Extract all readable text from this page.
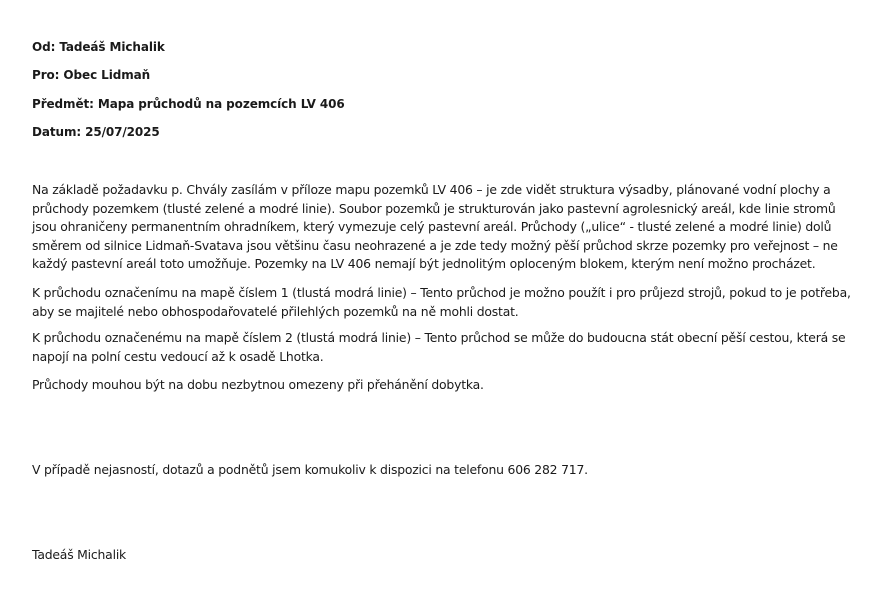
Od: Tadeáš Michalik
Pro: Obec Lidmaň
Předmět: Mapa průchodů na pozemcích LV 406
Datum: 25/07/2025

Na základě požadavku p. Chvály zasílám v příloze mapu pozemků LV 406 – je zde vidět struktura výsadby, plánované vodní plochy a průchody pozemkem (tlusté zelené a modré linie). Soubor pozemků je strukturován jako pastevní agrolesnický areál, kde linie stromů jsou ohraničeny permanentním ohradníkem, který vymezuje celý pastevní areál. Průchody („ulice“ - tlusté zelené a modré linie) dolů směrem od silnice Lidmaň-Svatava jsou většinu času neohrazené a je zde tedy možný pěší průchod skrze pozemky pro veřejnost – ne každý pastevní areál toto umožňuje. Pozemky na LV 406 nemají být jednolitým oploceným blokem, kterým není možno procházet.

K průchodu označenímu na mapě číslem 1 (tlustá modrá linie) – Tento průchod je možno použít i pro průjezd strojů, pokud to je potřeba, aby se majitelé nebo obhospodařovatelé přilehlých pozemků na ně mohli dostat.

K průchodu označenému na mapě číslem 2 (tlustá modrá linie) – Tento průchod se může do budoucna stát obecní pěší cestou, která se napojí na polní cestu vedoucí až k osadě Lhotka.

Průchody mouhou být na dobu nezbytnou omezeny při přehánění dobytka.

V případě nejasností, dotazů a podnětů jsem komukoliv k dispozici na telefonu 606 282 717.
Tadeáš Michalik
